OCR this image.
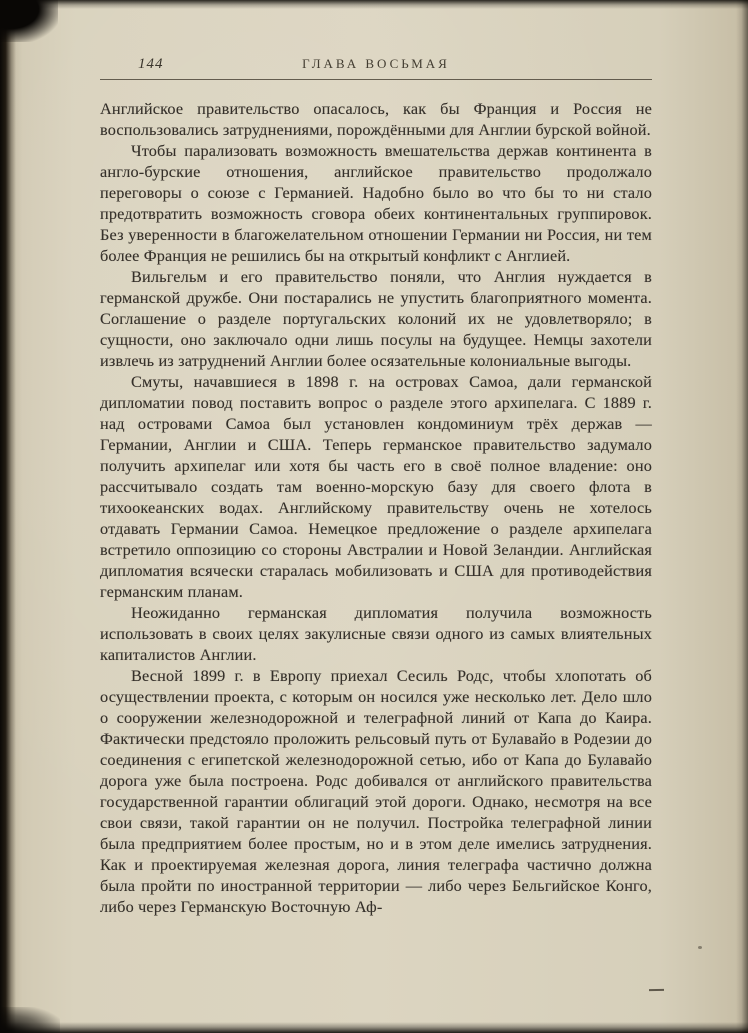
144	ГЛАВА ВОСЬМАЯ

Английское правительство опасалось, как бы Франция и Россия не воспользовались затруднениями, порождёнными для Англии бурской войной.

Чтобы парализовать возможность вмешательства держав континента в англо-бурские отношения, английское правительство продолжало переговоры о союзе с Германией. Надобно было во что бы то ни стало предотвратить возможность сговора обеих континентальных группировок. Без уверенности в благожелательном отношении Германии ни Россия, ни тем более Франция не решились бы на открытый конфликт с Англией.

Вильгельм и его правительство поняли, что Англия нуждается в германской дружбе. Они постарались не упустить благоприятного момента. Соглашение о разделе португальских колоний их не удовлетворяло; в сущности, оно заключало одни лишь посулы на будущее. Немцы захотели извлечь из затруднений Англии более осязательные колониальные выгоды.

Смуты, начавшиеся в 1898 г. на островах Самоа, дали германской дипломатии повод поставить вопрос о разделе этого архипелага. С 1889 г. над островами Самоа был установлен кондоминиум трёх держав — Германии, Англии и США. Теперь германское правительство задумало получить архипелаг или хотя бы часть его в своё полное владение: оно рассчитывало создать там военно-морскую базу для своего флота в тихоокеанских водах. Английскому правительству очень не хотелось отдавать Германии Самоа. Немецкое предложение о разделе архипелага встретило оппозицию со стороны Австралии и Новой Зеландии. Английская дипломатия всячески старалась мобилизовать и США для противодействия германским планам.

Неожиданно германская дипломатия получила возможность использовать в своих целях закулисные связи одного из самых влиятельных капиталистов Англии.

Весной 1899 г. в Европу приехал Сесиль Родс, чтобы хлопотать об осуществлении проекта, с которым он носился уже несколько лет. Дело шло о сооружении железнодорожной и телеграфной линий от Капа до Каира. Фактически предстояло проложить рельсовый путь от Булавайо в Родезии до соединения с египетской железнодорожной сетью, ибо от Капа до Булавайо дорога уже была построена. Родс добивался от английского правительства государственной гарантии облигаций этой дороги. Однако, несмотря на все свои связи, такой гарантии он не получил. Постройка телеграфной линии была предприятием более простым, но и в этом деле имелись затруднения. Как и проектируемая железная дорога, линия телеграфа частично должна была пройти по иностранной территории — либо через Бельгийское Конго, либо через Германскую Восточную Аф-
